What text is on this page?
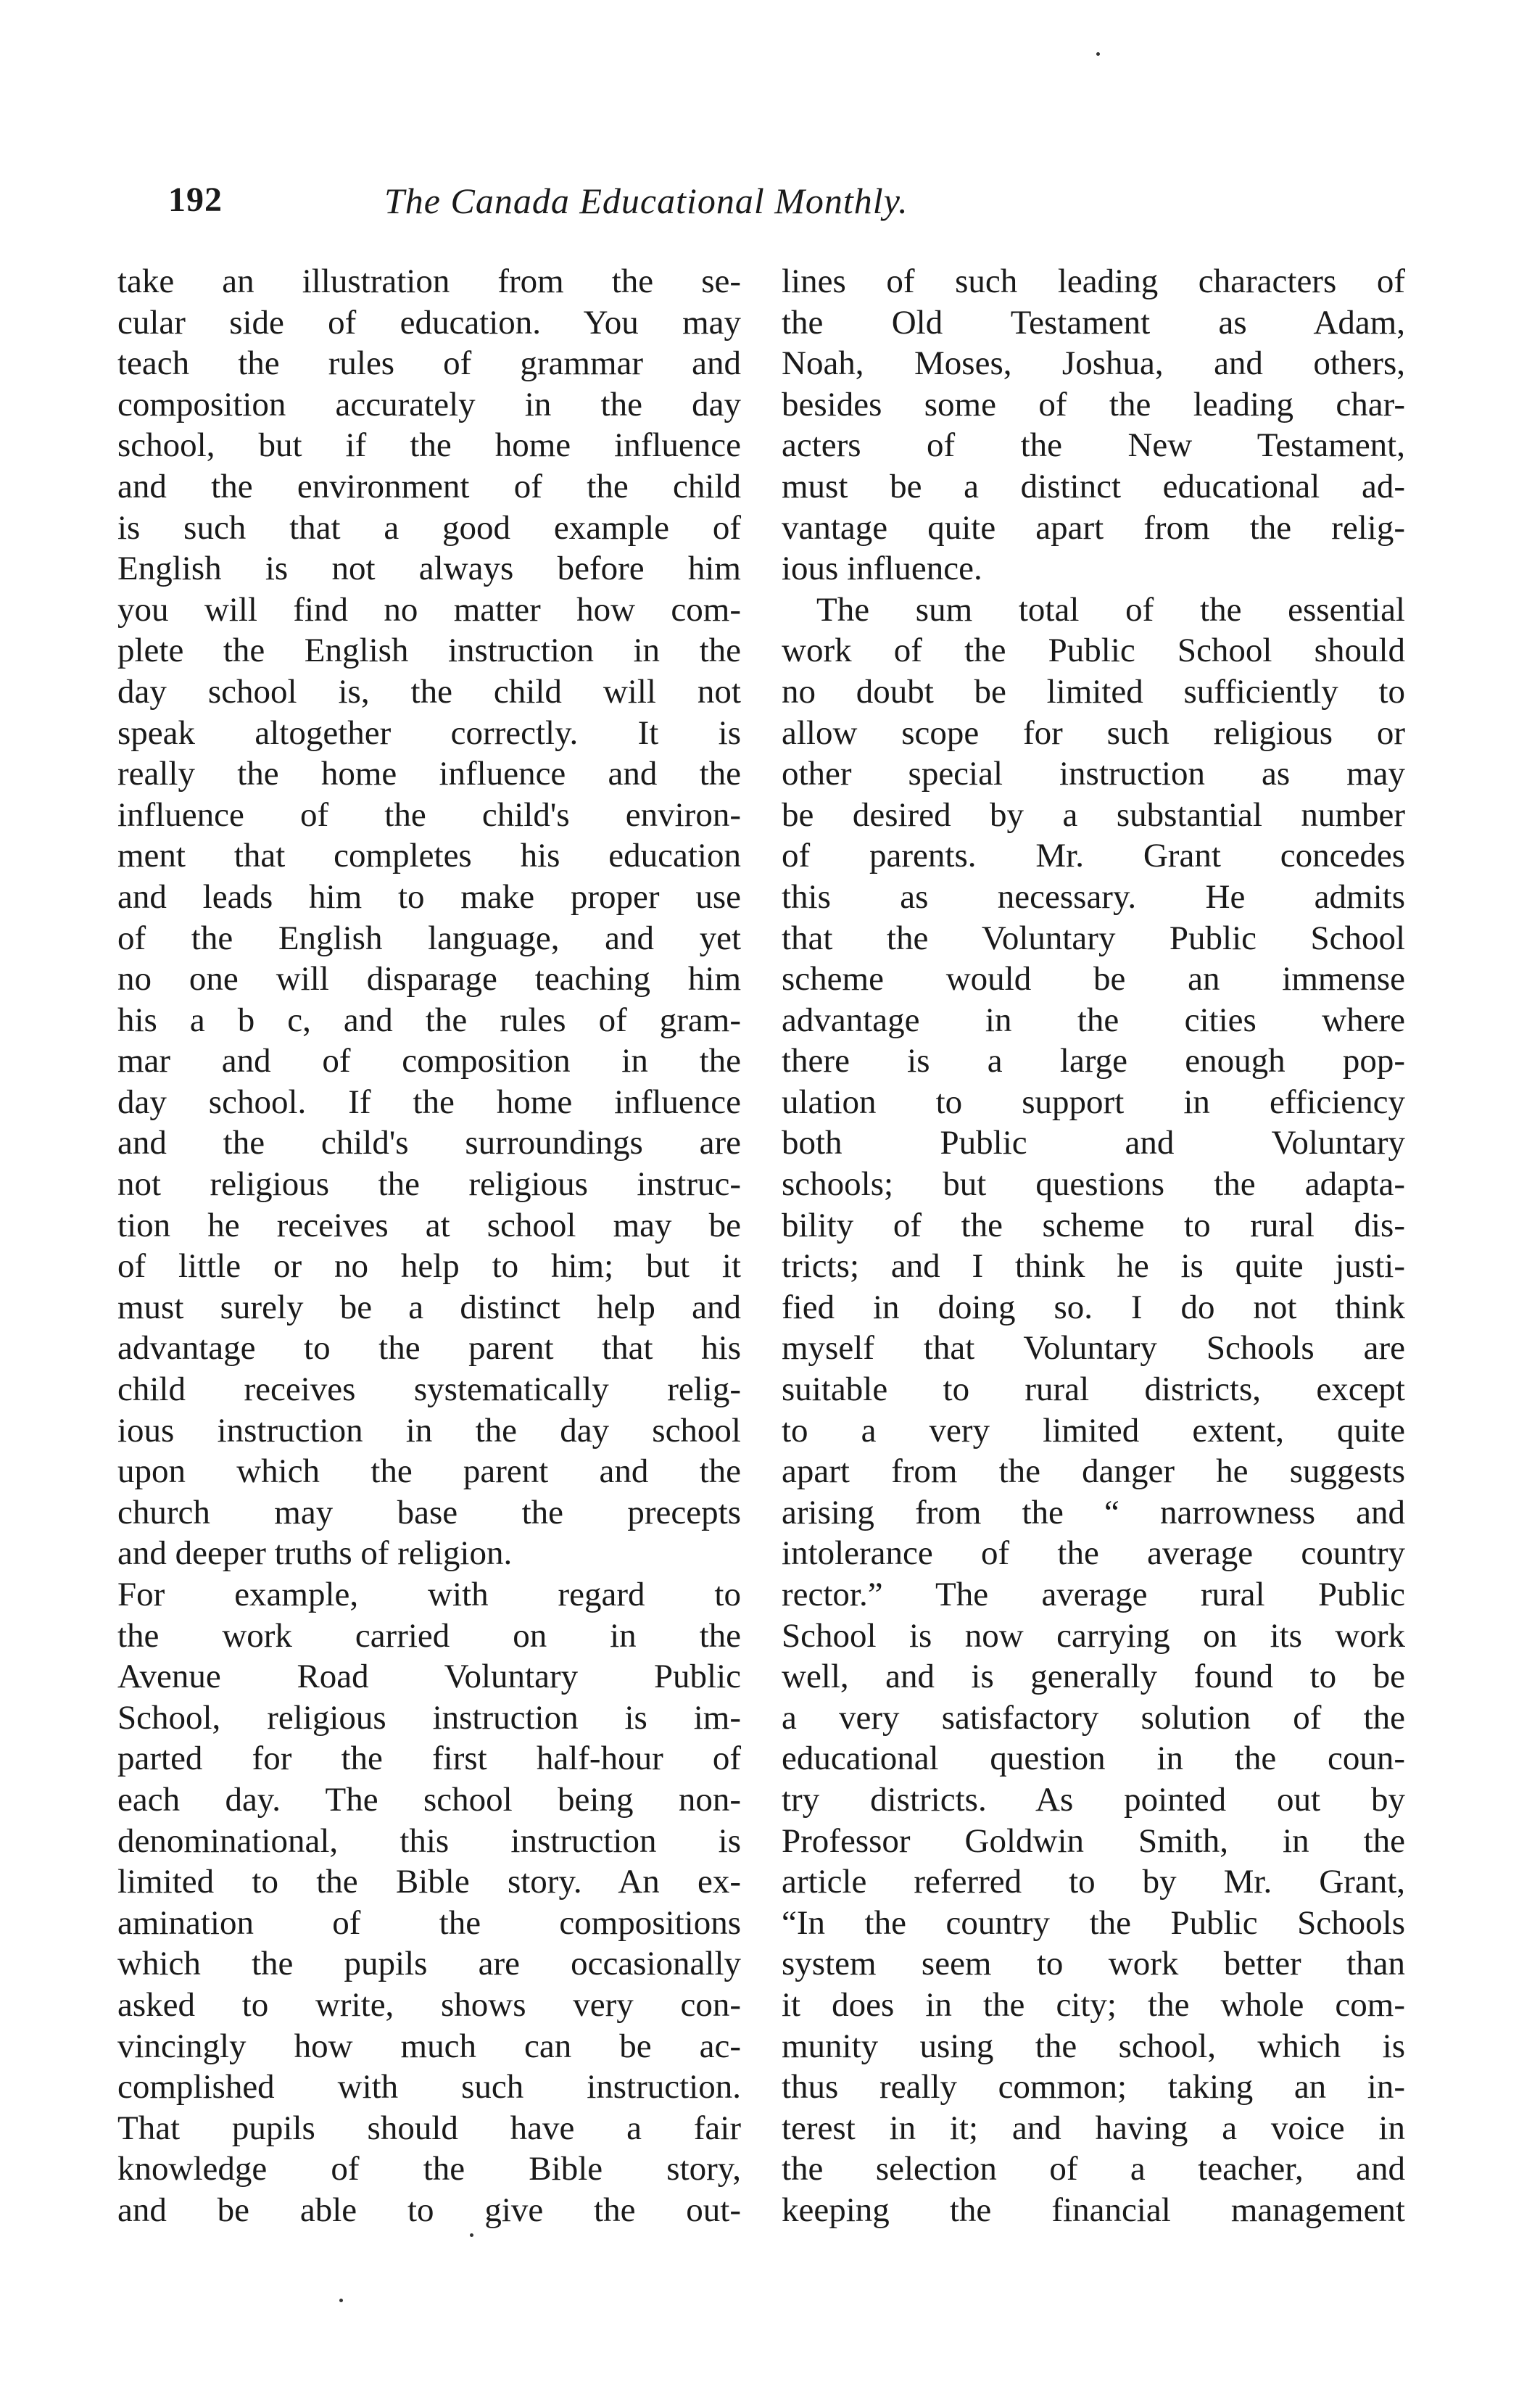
192	The Canada Educational Monthly.
take an illustration from the se-
cular side of education. You may
teach the rules of grammar and
composition accurately in the day
school, but if the home influence
and the environment of the child
is such that a good example of
English is not always before him
you will find no matter how com-
plete the English instruction in the
day school is, the child will not
speak altogether correctly. It is
really the home influence and the
influence of the child's environ-
ment that completes his education
and leads him to make proper use
of the English language, and yet
no one will disparage teaching him
his a b c, and the rules of gram-
mar and of composition in the
day school. If the home influence
and the child's surroundings are
not religious the religious instruc-
tion he receives at school may be
of little or no help to him; but it
must surely be a distinct help and
advantage to the parent that his
child receives systematically relig-
ious instruction in the day school
upon which the parent and the
church may base the precepts
and deeper truths of religion.
For example, with regard to
the work carried on in the
Avenue Road Voluntary Public
School, religious instruction is im-
parted for the first half-hour of
each day. The school being non-
denominational, this instruction is
limited to the Bible story. An ex-
amination of the compositions
which the pupils are occasionally
asked to write, shows very con-
vincingly how much can be ac-
complished with such instruction.
That pupils should have a fair
knowledge of the Bible story,
and be able to give the out-
lines of such leading characters of
the Old Testament as Adam,
Noah, Moses, Joshua, and others,
besides some of the leading char-
acters of the New Testament,
must be a distinct educational ad-
vantage quite apart from the relig-
ious influence.
The sum total of the essential
work of the Public School should
no doubt be limited sufficiently to
allow scope for such religious or
other special instruction as may
be desired by a substantial number
of parents. Mr. Grant concedes
this as necessary. He admits
that the Voluntary Public School
scheme would be an immense
advantage in the cities where
there is a large enough pop-
ulation to support in efficiency
both Public and Voluntary
schools; but questions the adapta-
bility of the scheme to rural dis-
tricts; and I think he is quite justi-
fied in doing so. I do not think
myself that Voluntary Schools are
suitable to rural districts, except
to a very limited extent, quite
apart from the danger he suggests
arising from the “ narrowness and
intolerance of the average country
rector.” The average rural Public
School is now carrying on its work
well, and is generally found to be
a very satisfactory solution of the
educational question in the coun-
try districts. As pointed out by
Professor Goldwin Smith, in the
article referred to by Mr. Grant,
“In the country the Public Schools
system seem to work better than
it does in the city; the whole com-
munity using the school, which is
thus really common; taking an in-
terest in it; and having a voice in
the selection of a teacher, and
keeping the financial management
